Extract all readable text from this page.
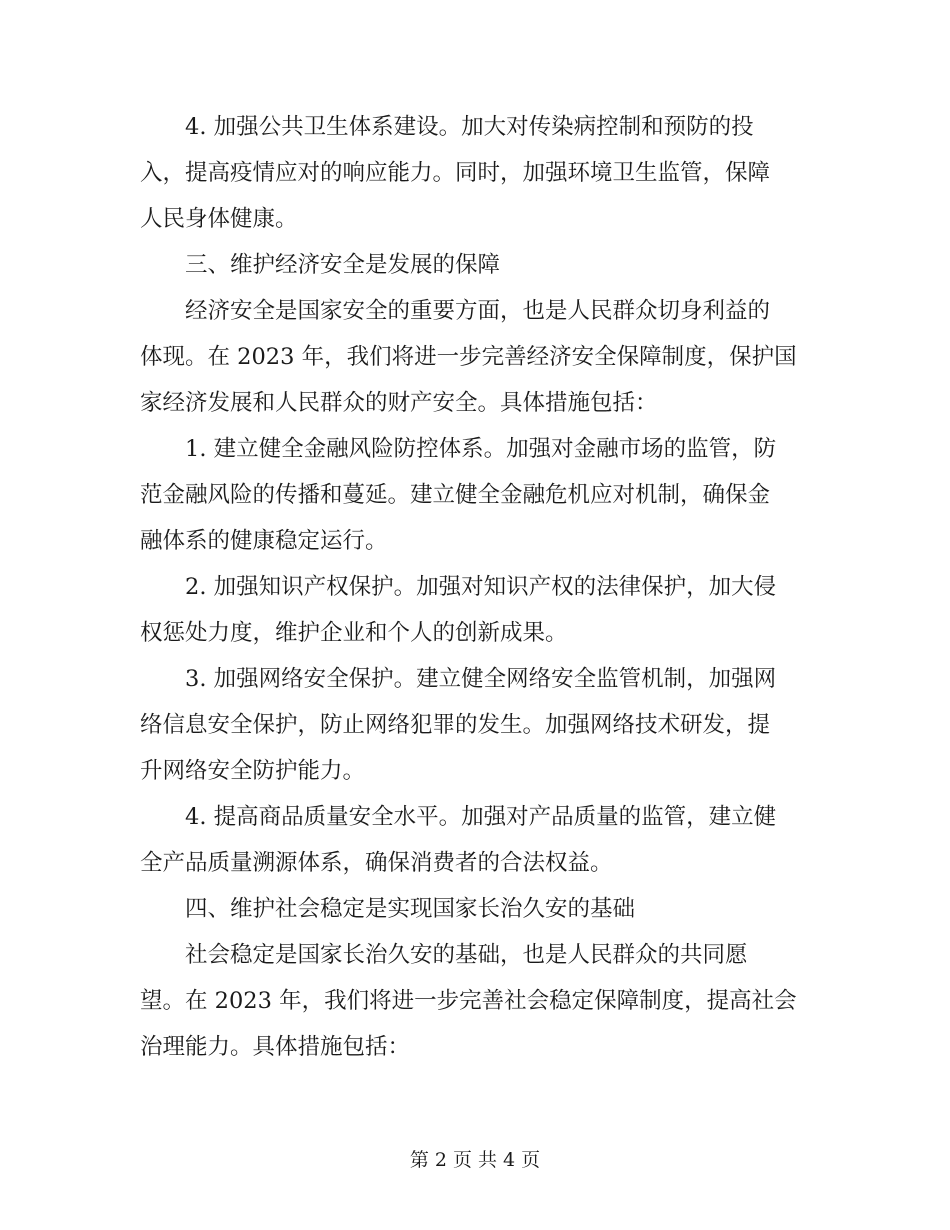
4. 加强公共卫生体系建设。加大对传染病控制和预防的投
入，提高疫情应对的响应能力。同时，加强环境卫生监管，保障
人民身体健康。
三、维护经济安全是发展的保障
经济安全是国家安全的重要方面，也是人民群众切身利益的
体现。在 2023 年，我们将进一步完善经济安全保障制度，保护国
家经济发展和人民群众的财产安全。具体措施包括：
1. 建立健全金融风险防控体系。加强对金融市场的监管，防
范金融风险的传播和蔓延。建立健全金融危机应对机制，确保金
融体系的健康稳定运行。
2. 加强知识产权保护。加强对知识产权的法律保护，加大侵
权惩处力度，维护企业和个人的创新成果。
3. 加强网络安全保护。建立健全网络安全监管机制，加强网
络信息安全保护，防止网络犯罪的发生。加强网络技术研发，提
升网络安全防护能力。
4. 提高商品质量安全水平。加强对产品质量的监管，建立健
全产品质量溯源体系，确保消费者的合法权益。
四、维护社会稳定是实现国家长治久安的基础
社会稳定是国家长治久安的基础，也是人民群众的共同愿
望。在 2023 年，我们将进一步完善社会稳定保障制度，提高社会
治理能力。具体措施包括：
第 2 页 共 4 页
